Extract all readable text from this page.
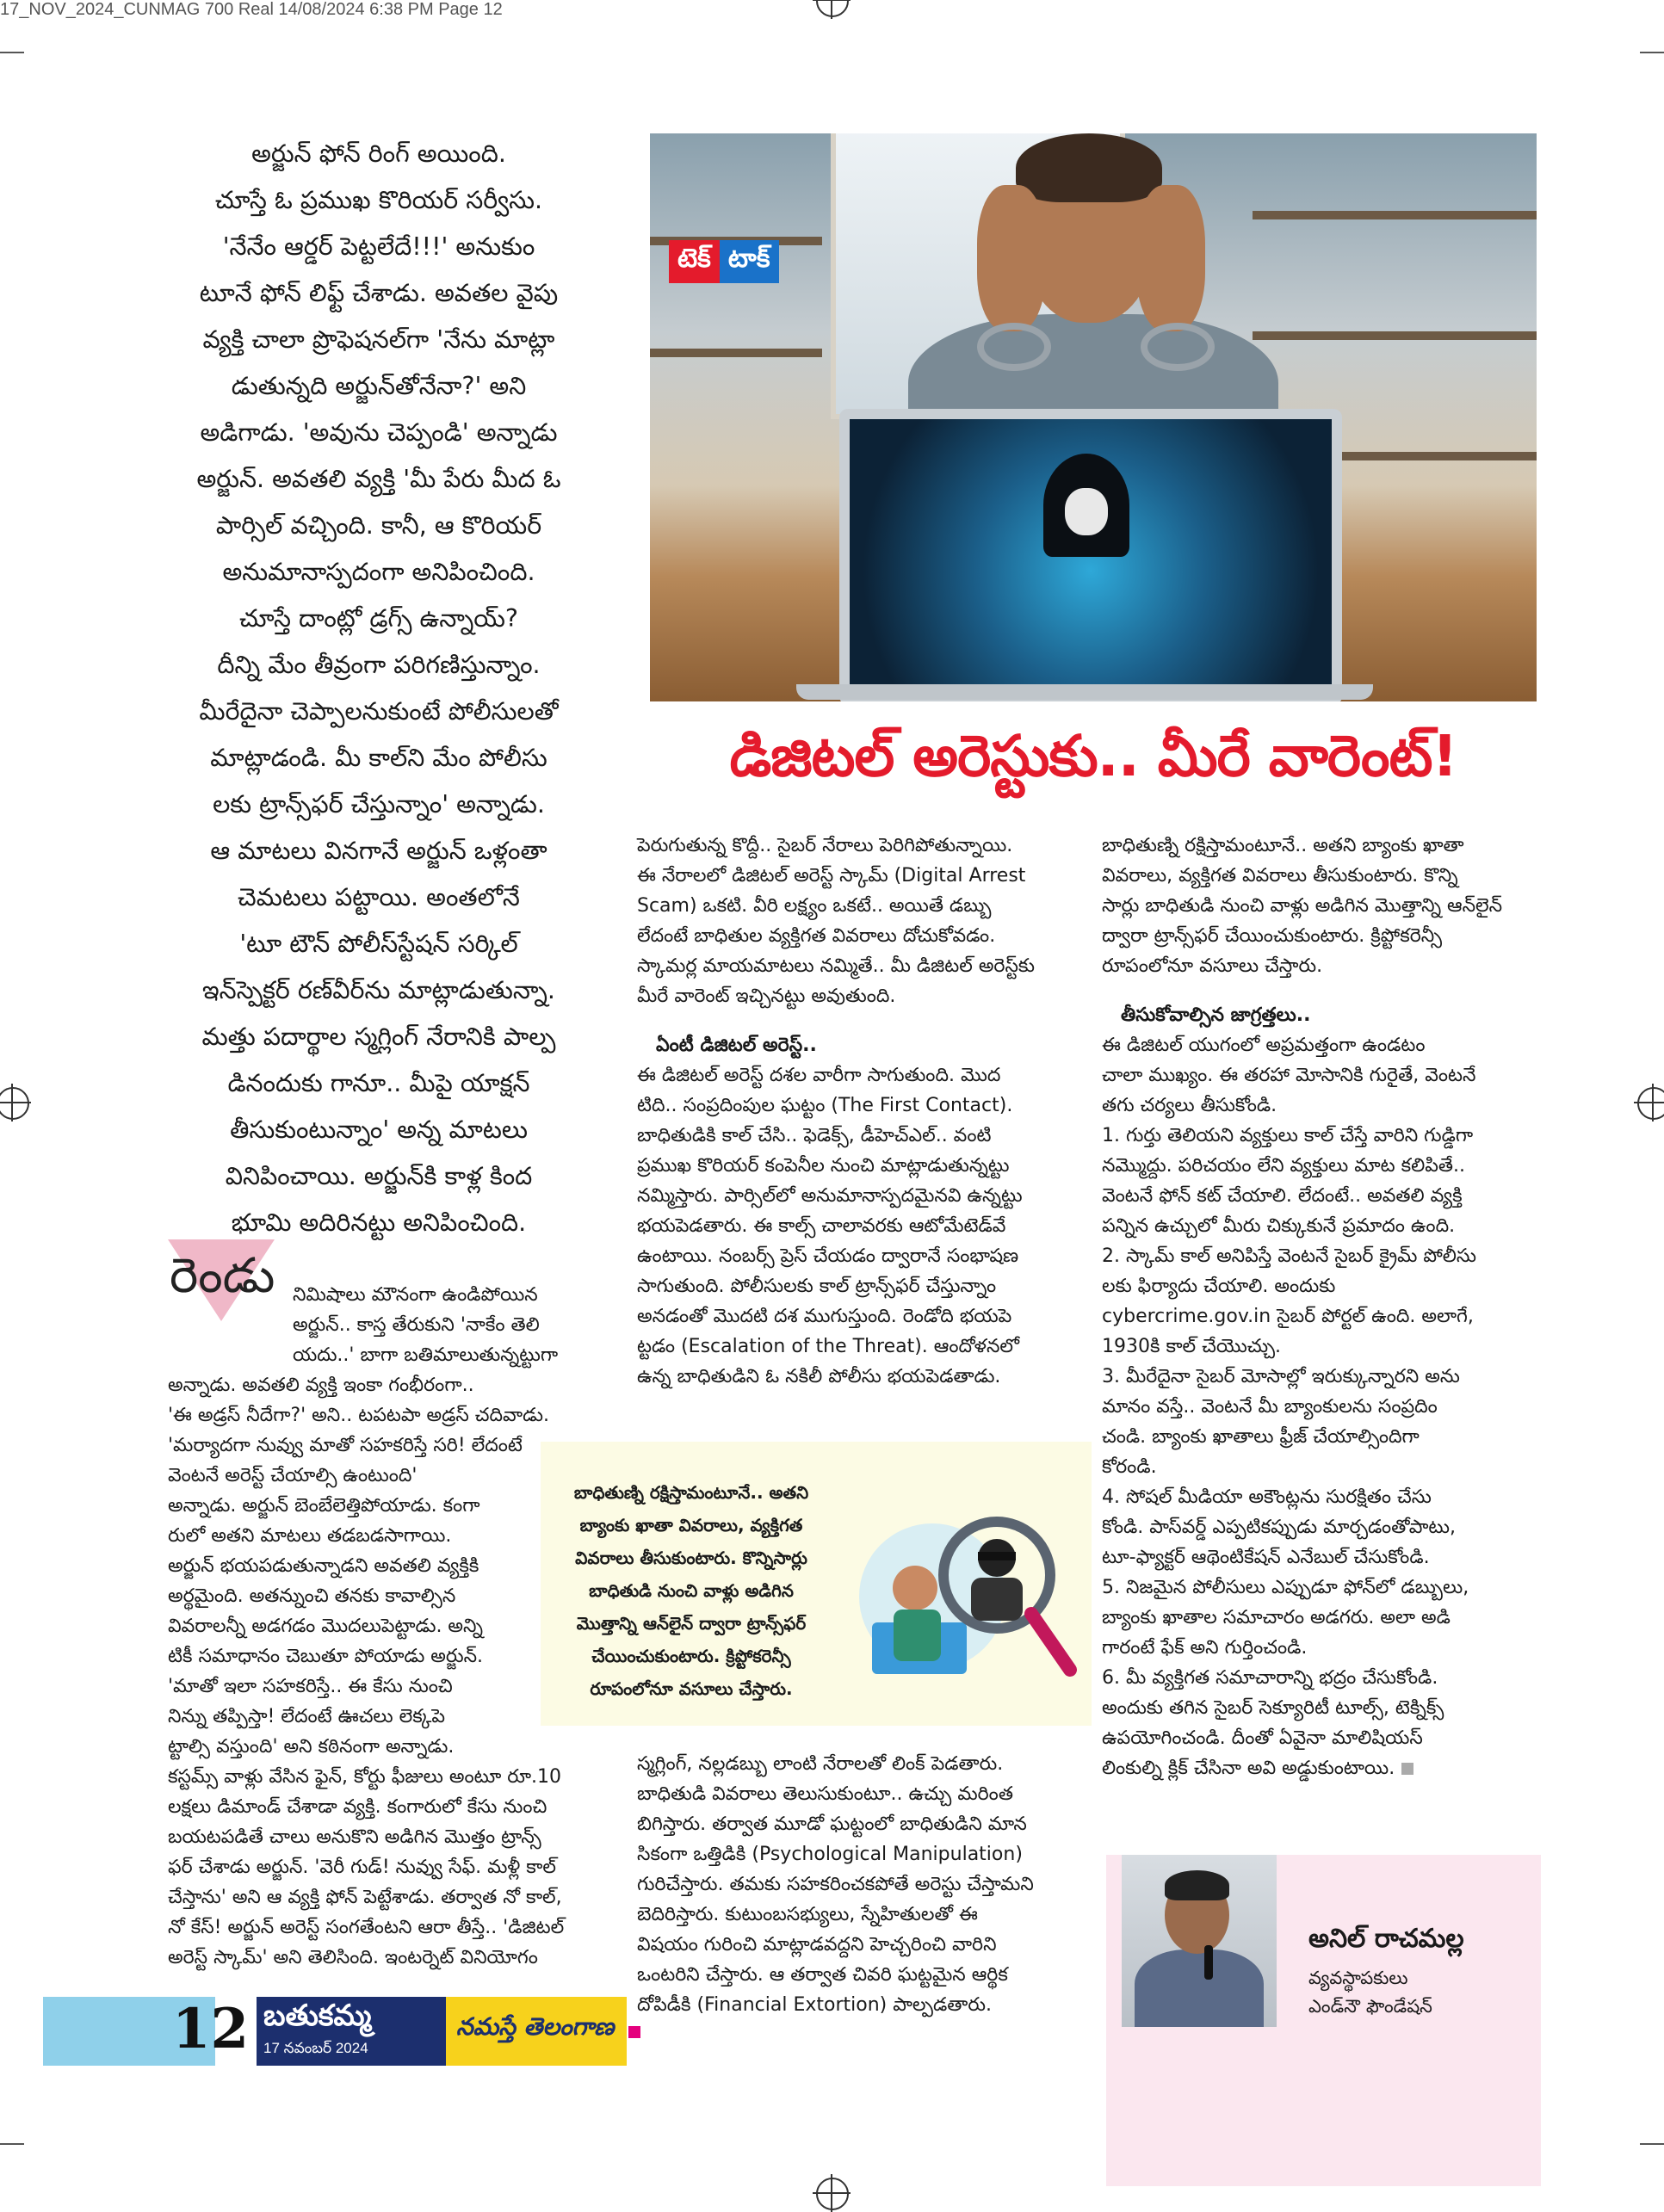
17_NOV_2024_CUNMAG 700 Real 14/08/2024 6:38 PM Page 12

అర్జున్ ఫోన్ రింగ్ అయింది.

చూస్తే ఓ ప్రముఖ కొరియర్ సర్వీసు.

'నేనేం ఆర్డర్ పెట్టలేదే!!!' అనుకుం

టూనే ఫోన్ లిఫ్ట్ చేశాడు. అవతల వైపు

వ్యక్తి చాలా ప్రొఫెషనల్‌గా 'నేను మాట్లా

డుతున్నది అర్జున్‌తోనేనా?' అని

అడిగాడు. 'అవును చెప్పండి' అన్నాడు

అర్జున్. అవతలి వ్యక్తి 'మీ పేరు మీద ఓ

పార్సిల్ వచ్చింది. కానీ, ఆ కొరియర్

అనుమానాస్పదంగా అనిపించింది.

చూస్తే దాంట్లో డ్రగ్స్ ఉన్నాయ్?

దీన్ని మేం తీవ్రంగా పరిగణిస్తున్నాం.

మీరేదైనా చెప్పాలనుకుంటే పోలీసులతో

మాట్లాడండి. మీ కాల్‌ని మేం పోలీసు

లకు ట్రాన్స్‌ఫర్ చేస్తున్నాం' అన్నాడు.

ఆ మాటలు వినగానే అర్జున్ ఒళ్లంతా

చెమటలు పట్టాయి. అంతలోనే

'టూ టౌన్ పోలీస్‌స్టేషన్ సర్కిల్

ఇన్‌స్పెక్టర్ రణ్‌వీర్‌ను మాట్లాడుతున్నా.

మత్తు పదార్థాల స్మగ్లింగ్ నేరానికి పాల్ప

డినందుకు గానూ.. మీపై యాక్షన్

తీసుకుంటున్నాం' అన్న మాటలు

వినిపించాయి. అర్జున్‌కి కాళ్ల కింద

భూమి అదిరినట్టు అనిపించింది.

టెక్ టాక్
డిజిటల్ అరెస్టుకు.. మీరే వారెంట్!
రెండు నిమిషాలు మౌనంగా ఉండిపోయిన

అర్జున్.. కాస్త తేరుకుని 'నాకేం తెలి

యదు..' బాగా బతిమాలుతున్నట్టుగా

అన్నాడు. అవతలి వ్యక్తి ఇంకా గంభీరంగా..

'ఈ అడ్రస్ నీదేగా?' అని.. టపటపా అడ్రస్ చదివాడు.

'మర్యాదగా నువ్వు మాతో సహకరిస్తే సరి! లేదంటే

వెంటనే అరెస్ట్ చేయాల్సి ఉంటుంది'

అన్నాడు. అర్జున్ బెంబేలెత్తిపోయాడు. కంగా

రులో అతని మాటలు తడబడసాగాయి.

అర్జున్ భయపడుతున్నాడని అవతలి వ్యక్తికి

అర్థమైంది. అతన్నుంచి తనకు కావాల్సిన

వివరాలన్నీ అడగడం మొదలుపెట్టాడు. అన్ని

టికీ సమాధానం చెబుతూ పోయాడు అర్జున్.

'మాతో ఇలా సహకరిస్తే.. ఈ కేసు నుంచి

నిన్ను తప్పిస్తా! లేదంటే ఊచలు లెక్కపె

ట్టాల్సి వస్తుంది' అని కఠినంగా అన్నాడు.

కస్టమ్స్ వాళ్లు వేసిన ఫైన్, కోర్టు ఫీజులు అంటూ రూ.10

లక్షలు డిమాండ్ చేశాడా వ్యక్తి. కంగారులో కేసు నుంచి

బయటపడితే చాలు అనుకొని అడిగిన మొత్తం ట్రాన్స్

ఫర్ చేశాడు అర్జున్. 'వెరీ గుడ్! నువ్వు సేఫ్. మళ్లీ కాల్

చేస్తాను' అని ఆ వ్యక్తి ఫోన్ పెట్టేశాడు. తర్వాత నో కాల్,

నో కేస్! అర్జున్ అరెస్ట్ సంగతేంటని ఆరా తీస్తే.. 'డిజిటల్

అరెస్ట్ స్కామ్' అని తెలిసింది. ఇంటర్నెట్ వినియోగం

పెరుగుతున్న కొద్దీ.. సైబర్ నేరాలు పెరిగిపోతున్నాయి.

ఈ నేరాలలో డిజిటల్ అరెస్ట్ స్కామ్ (Digital Arrest

Scam) ఒకటి. వీరి లక్ష్యం ఒకటే.. అయితే డబ్బు

లేదంటే బాధితుల వ్యక్తిగత వివరాలు దోచుకోవడం.

స్కామర్ల మాయమాటలు నమ్మితే.. మీ డిజిటల్ అరెస్ట్‌కు

మీరే వారెంట్ ఇచ్చినట్టు అవుతుంది.

ఏంటీ డిజిటల్ అరెస్ట్..

ఈ డిజిటల్ అరెస్ట్ దశల వారీగా సాగుతుంది. మొద

టిది.. సంప్రదింపుల ఘట్టం (The First Contact).

బాధితుడికి కాల్ చేసి.. ఫెడెక్స్, డీహెచ్ఎల్.. వంటి

ప్రముఖ కొరియర్ కంపెనీల నుంచి మాట్లాడుతున్నట్టు

నమ్మిస్తారు. పార్సిల్‌లో అనుమానాస్పదమైనవి ఉన్నట్టు

భయపెడతారు. ఈ కాల్స్ చాలావరకు ఆటోమేటెడ్‌వే

ఉంటాయి. నంబర్స్ ప్రెస్ చేయడం ద్వారానే సంభాషణ

సాగుతుంది. పోలీసులకు కాల్ ట్రాన్స్‌ఫర్ చేస్తున్నాం

అనడంతో మొదటి దశ ముగుస్తుంది. రెండోది భయపె

ట్టడం (Escalation of the Threat). ఆందోళనలో

ఉన్న బాధితుడిని ఓ నకిలీ పోలీసు భయపెడతాడు.

బాధితుణ్ని రక్షిస్తామంటూనే.. అతని బ్యాంకు ఖాతా వివరాలు, వ్యక్తిగత వివరాలు తీసుకుంటారు. కొన్నిసార్లు బాధితుడి నుంచి వాళ్లు అడిగిన మొత్తాన్ని ఆన్‌లైన్ ద్వారా ట్రాన్స్‌ఫర్ చేయించుకుంటారు. క్రిప్టోకరెన్సీ రూపంలోనూ వసూలు చేస్తారు.

స్మగ్లింగ్, నల్లడబ్బు లాంటి నేరాలతో లింక్ పెడతారు.

బాధితుడి వివరాలు తెలుసుకుంటూ.. ఉచ్చు మరింత

బిగిస్తారు. తర్వాత మూడో ఘట్టంలో బాధితుడిని మాన

సికంగా ఒత్తిడికి (Psychological Manipulation)

గురిచేస్తారు. తమకు సహకరించకపోతే అరెస్టు చేస్తామని

బెదిరిస్తారు. కుటుంబసభ్యులు, స్నేహితులతో ఈ

విషయం గురించి మాట్లాడవద్దని హెచ్చరించి వారిని

ఒంటరిని చేస్తారు. ఆ తర్వాత చివరి ఘట్టమైన ఆర్థిక

దోపిడీకి (Financial Extortion) పాల్పడతారు.

బాధితుణ్ని రక్షిస్తామంటూనే.. అతని బ్యాంకు ఖాతా

వివరాలు, వ్యక్తిగత వివరాలు తీసుకుంటారు. కొన్ని

సార్లు బాధితుడి నుంచి వాళ్లు అడిగిన మొత్తాన్ని ఆన్‌లైన్

ద్వారా ట్రాన్స్‌ఫర్ చేయించుకుంటారు. క్రిప్టోకరెన్సీ

రూపంలోనూ వసూలు చేస్తారు.

తీసుకోవాల్సిన జాగ్రత్తలు..

ఈ డిజిటల్ యుగంలో అప్రమత్తంగా ఉండటం

చాలా ముఖ్యం. ఈ తరహా మోసానికి గురైతే, వెంటనే

తగు చర్యలు తీసుకోండి.

1. గుర్తు తెలియని వ్యక్తులు కాల్ చేస్తే వారిని గుడ్డిగా

నమ్మొద్దు. పరిచయం లేని వ్యక్తులు మాట కలిపితే..

వెంటనే ఫోన్ కట్ చేయాలి. లేదంటే.. అవతలి వ్యక్తి

పన్నిన ఉచ్చులో మీరు చిక్కుకునే ప్రమాదం ఉంది.

2. స్కామ్ కాల్ అనిపిస్తే వెంటనే సైబర్ క్రైమ్ పోలీసు

లకు ఫిర్యాదు చేయాలి. అందుకు

cybercrime.gov.in సైబర్ పోర్టల్ ఉంది. అలాగే,

1930కి కాల్ చేయొచ్చు.

3. మీరేదైనా సైబర్ మోసాల్లో ఇరుక్కున్నారని అను

మానం వస్తే.. వెంటనే మీ బ్యాంకులను సంప్రదిం

చండి. బ్యాంకు ఖాతాలు ఫ్రీజ్ చేయాల్సిందిగా

కోరండి.

4. సోషల్ మీడియా అకౌంట్లను సురక్షితం చేసు

కోండి. పాస్‌వర్డ్ ఎప్పటికప్పుడు మార్చడంతోపాటు,

టూ-ఫ్యాక్టర్ ఆథెంటికేషన్ ఎనేబుల్ చేసుకోండి.

5. నిజమైన పోలీసులు ఎప్పుడూ ఫోన్‌లో డబ్బులు,

బ్యాంకు ఖాతాల సమాచారం అడగరు. అలా అడి

గారంటే ఫేక్ అని గుర్తించండి.

6. మీ వ్యక్తిగత సమాచారాన్ని భద్రం చేసుకోండి.

అందుకు తగిన సైబర్ సెక్యూరిటీ టూల్స్, టెక్నిక్స్

ఉపయోగించండి. దీంతో ఏవైనా మాలిషియస్

లింకుల్ని క్లిక్ చేసినా అవి అడ్డుకుంటాయి.

12 బతుకమ్మ
17 నవంబర్ 2024
నమస్తే తెలంగాణ
అనిల్ రాచమల్ల
వ్యవస్థాపకులు
ఎండ్‌నౌ ఫౌండేషన్
